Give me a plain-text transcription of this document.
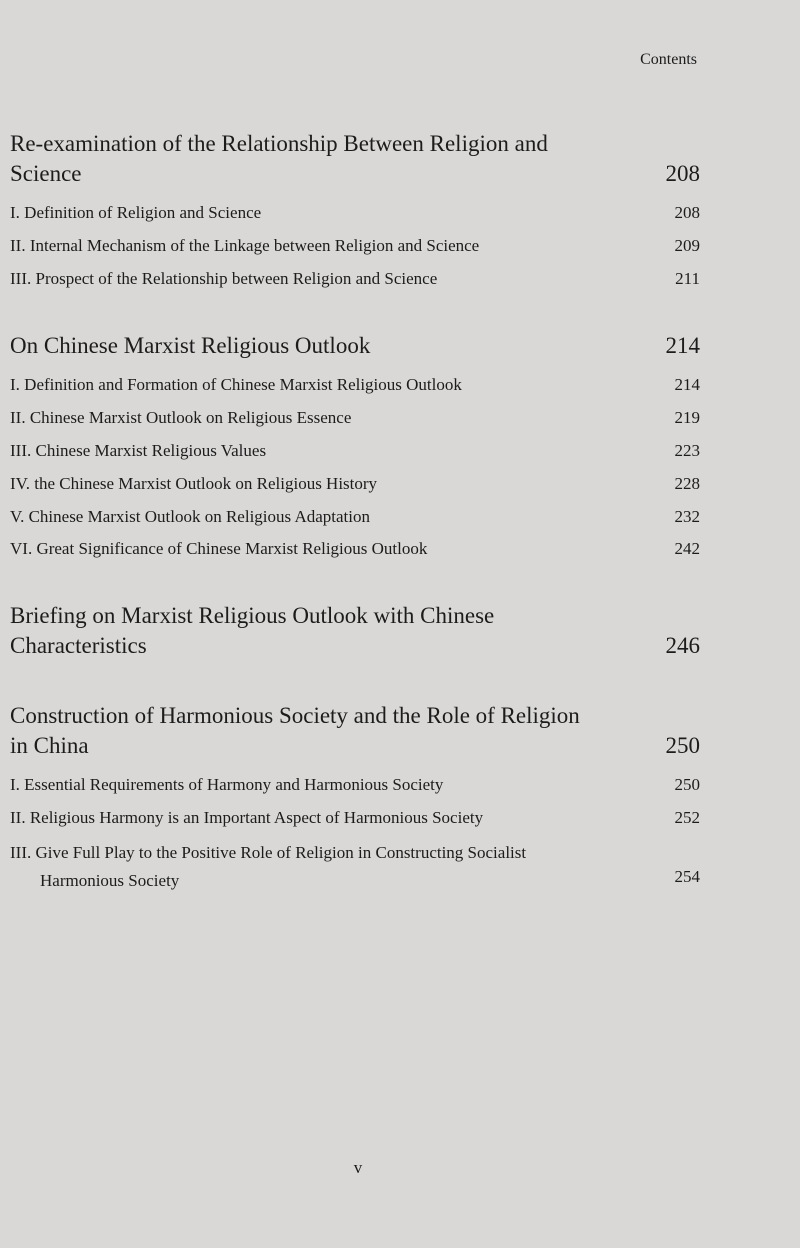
Contents
Re-examination of the Relationship Between Religion and Science	208
I. Definition of Religion and Science	208
II. Internal Mechanism of the Linkage between Religion and Science	209
III. Prospect of the Relationship between Religion and Science	211
On Chinese Marxist Religious Outlook	214
I. Definition and Formation of Chinese Marxist Religious Outlook	214
II. Chinese Marxist Outlook on Religious Essence	219
III. Chinese Marxist Religious Values	223
IV. the Chinese Marxist Outlook on Religious History	228
V. Chinese Marxist Outlook on Religious Adaptation	232
VI. Great Significance of Chinese Marxist Religious Outlook	242
Briefing on Marxist Religious Outlook with Chinese Characteristics	246
Construction of Harmonious Society and the Role of Religion in China	250
I. Essential Requirements of Harmony and Harmonious Society	250
II. Religious Harmony is an Important Aspect of Harmonious Society	252
III. Give Full Play to the Positive Role of Religion in Constructing Socialist Harmonious Society	254
v
